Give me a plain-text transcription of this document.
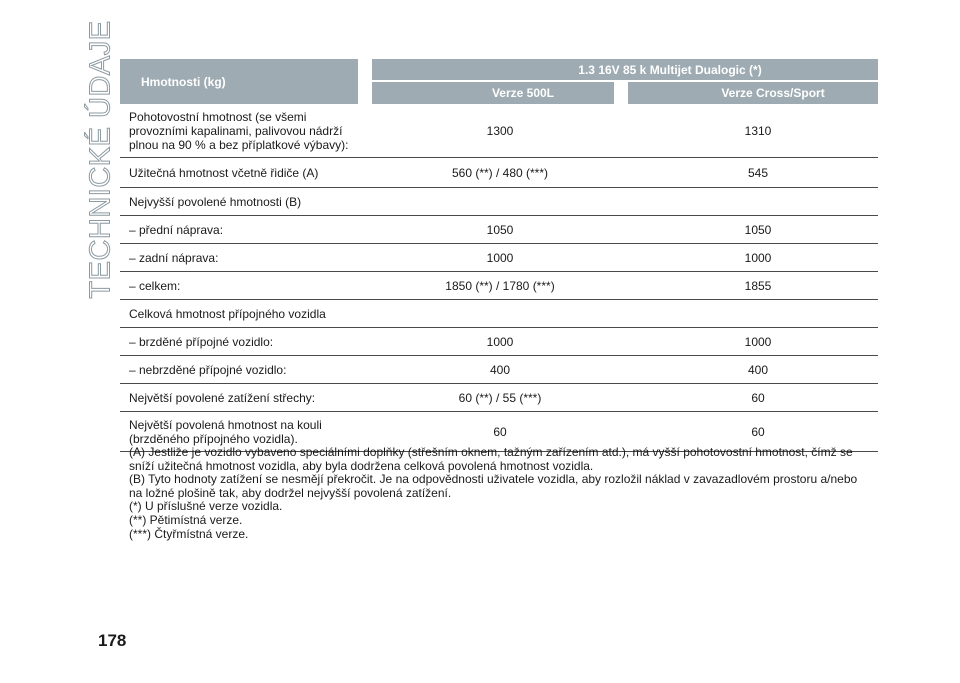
TECHNICKÉ ÚDAJE Hmotnosti (kg)
1.3 16V 85 k Multijet Dualogic (*)
Verze 500L	Verze Cross/Sport
Pohotovostní hmotnost (se všemi
provozními kapalinami, palivovou nádrží
plnou na 90 % a bez příplatkové výbavy):
1300	1310
Užitečná hmotnost včetně řidiče (A)	560 (**) / 480 (***)	545
Nejvyšší povolené hmotnosti (B)
– přední náprava:	1050	1050
– zadní náprava:	1000	1000
– celkem:	1850 (**) / 1780 (***)	1855
Celková hmotnost přípojného vozidla
– brzděné přípojné vozidlo:	1000	1000
– nebrzděné přípojné vozidlo:	400	400
Největší povolené zatížení střechy:	60 (**) / 55 (***)	60
Největší povolená hmotnost na kouli
(brzděného přípojného vozidla).	60	60

(A) Jestliže je vozidlo vybaveno speciálními doplňky (střešním oknem, tažným zařízením atd.), má vyšší pohotovostní hmotnost, čímž se sníží užitečná hmotnost vozidla, aby byla dodržena celková povolená hmotnost vozidla.

(B) Tyto hodnoty zatížení se nesmějí překročit. Je na odpovědnosti uživatele vozidla, aby rozložil náklad v zavazadlovém prostoru a/nebo na ložné plošině tak, aby dodržel nejvyšší povolená zatížení.

(*) U příslušné verze vozidla.

(**) Pětimístná verze.

(***) Čtyřmístná verze.

178
